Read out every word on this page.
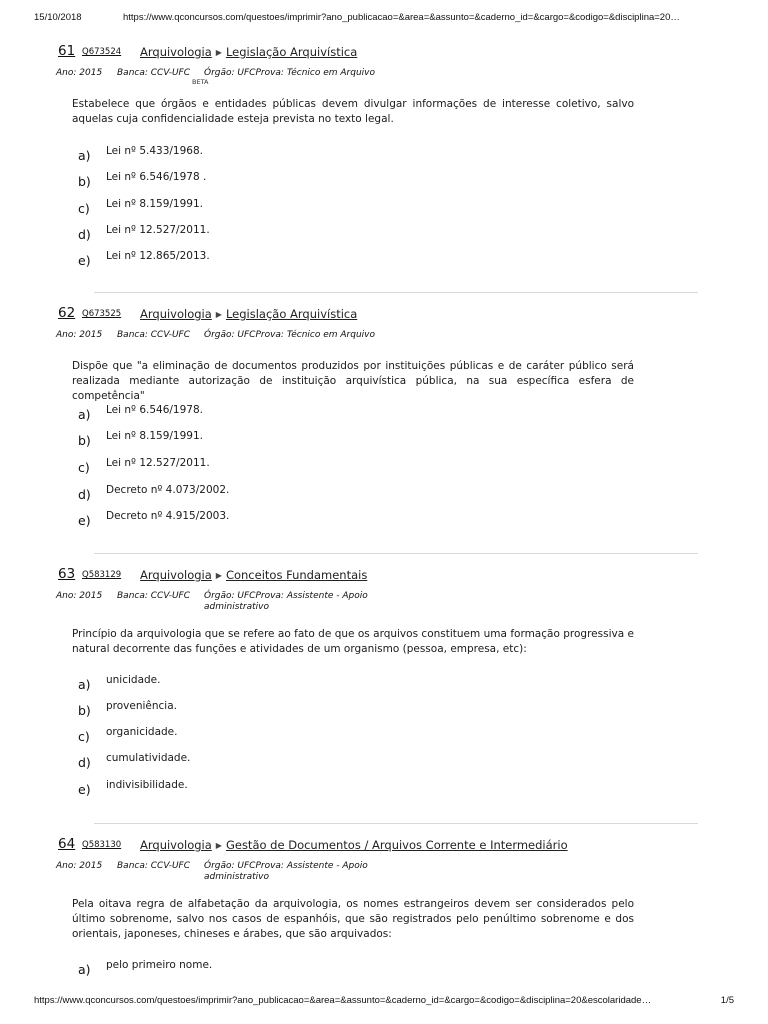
15/10/2018	https://www.qconcursos.com/questoes/imprimir?ano_publicacao=&area=&assunto=&caderno_id=&cargo=&codigo=&disciplina=20…
61 Q673524 Arquivologia ▶ Legislação Arquivística
Ano: 2015 Banca: CCV-UFC
BETA
Órgão: UFCProva: Técnico em Arquivo
Estabelece que órgãos e entidades públicas devem divulgar informações de interesse coletivo, salvo aquelas cuja confidencialidade esteja prevista no texto legal.
a) Lei nº 5.433/1968.
b) Lei nº 6.546/1978 .
c) Lei nº 8.159/1991.
d) Lei nº 12.527/2011.
e) Lei nº 12.865/2013.
62 Q673525 Arquivologia ▶ Legislação Arquivística
Ano: 2015 Banca: CCV-UFC Órgão: UFCProva: Técnico em Arquivo
Dispõe que "a eliminação de documentos produzidos por instituições públicas e de caráter público será realizada mediante autorização de instituição arquivística pública, na sua específica esfera de competência"
a) Lei nº 6.546/1978.
b) Lei nº 8.159/1991.
c) Lei nº 12.527/2011.
d) Decreto nº 4.073/2002.
e) Decreto nº 4.915/2003.
63 Q583129 Arquivologia ▶ Conceitos Fundamentais
Ano: 2015 Banca: CCV-UFC Órgão: UFCProva: Assistente - Apoio administrativo
Princípio da arquivologia que se refere ao fato de que os arquivos constituem uma formação progressiva e natural decorrente das funções e atividades de um organismo (pessoa, empresa, etc):
a) unicidade.
b) proveniência.
c) organicidade.
d) cumulatividade.
e) indivisibilidade.
64 Q583130 Arquivologia ▶ Gestão de Documentos / Arquivos Corrente e Intermediário
Ano: 2015 Banca: CCV-UFC Órgão: UFCProva: Assistente - Apoio administrativo
Pela oitava regra de alfabetação da arquivologia, os nomes estrangeiros devem ser considerados pelo último sobrenome, salvo nos casos de espanhóis, que são registrados pelo penúltimo sobrenome e dos orientais, japoneses, chineses e árabes, que são arquivados:
a) pelo primeiro nome.
https://www.qconcursos.com/questoes/imprimir?ano_publicacao=&area=&assunto=&caderno_id=&cargo=&codigo=&disciplina=20&escolaridade…	1/5
